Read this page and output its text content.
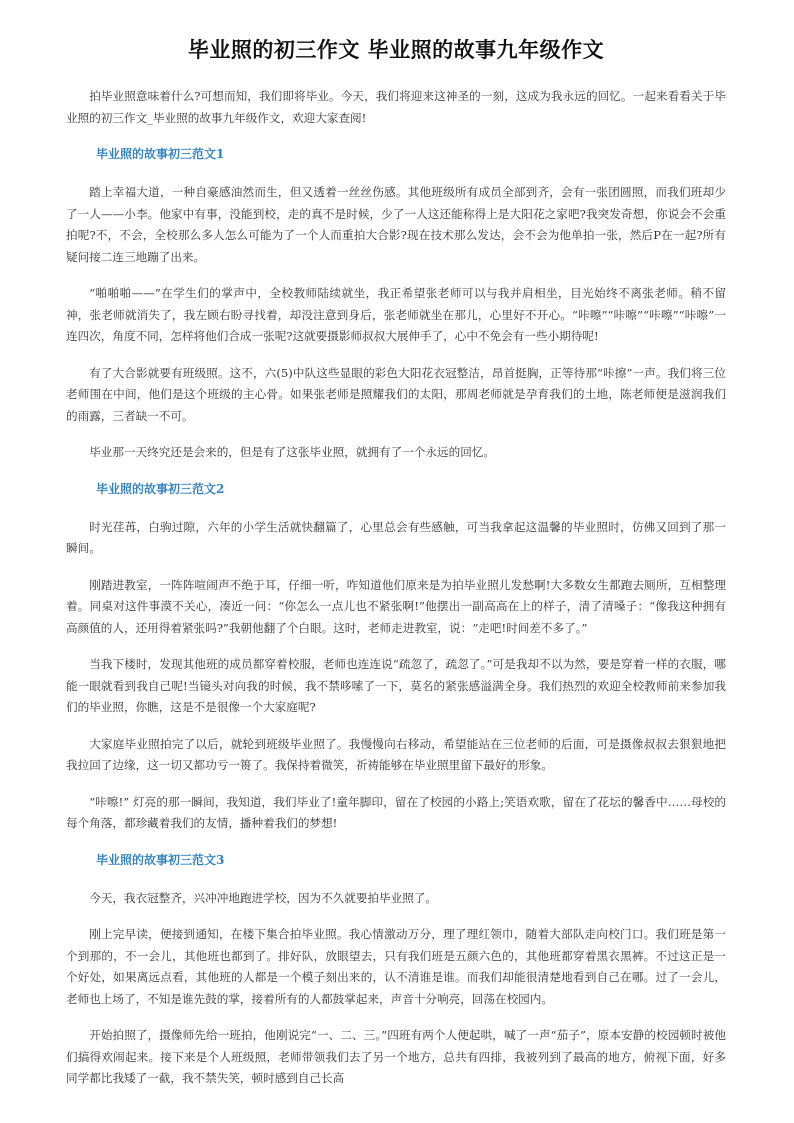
毕业照的初三作文 毕业照的故事九年级作文

拍毕业照意味着什么?可想而知，我们即将毕业。今天，我们将迎来这神圣的一刻，这成为我永远的回忆。一起来看看关于毕业照的初三作文_毕业照的故事九年级作文，欢迎大家查阅!

毕业照的故事初三范文1

踏上幸福大道，一种自豪感油然而生，但又透着一丝丝伤感。其他班级所有成员全部到齐，会有一张团圆照，而我们班却少了一人——小李。他家中有事，没能到校，走的真不是时候，少了一人这还能称得上是大阳花之家吧?我突发奇想，你说会不会重拍呢?不，不会，全校那么多人怎么可能为了一个人而重拍大合影?现在技术那么发达，会不会为他单拍一张，然后P在一起?所有疑问接二连三地蹦了出来。

“啪啪啪——”在学生们的掌声中，全校教师陆续就坐，我正希望张老师可以与我并肩相坐，目光始终不离张老师。稍不留神，张老师就消失了，我左顾右盼寻找着，却没注意到身后，张老师就坐在那儿，心里好不开心。“咔嚓”“咔嚓”“咔嚓”“咔嚓”一连四次，角度不同，怎样将他们合成一张呢?这就要摄影师叔叔大展伸手了，心中不免会有一些小期待呢!

有了大合影就要有班级照。这不，六(5)中队这些显眼的彩色大阳花衣冠整洁，昂首挺胸，正等待那“咔擦”一声。我们将三位老师围在中间，他们是这个班级的主心骨。如果张老师是照耀我们的太阳，那周老师就是孕育我们的土地，陈老师便是滋润我们的雨露，三者缺一不可。

毕业那一天终究还是会来的，但是有了这张毕业照，就拥有了一个永远的回忆。

毕业照的故事初三范文2

时光荏苒，白驹过隙，六年的小学生活就快翻篇了，心里总会有些感触，可当我拿起这温馨的毕业照时，仿佛又回到了那一瞬间。

刚踏进教室，一阵阵喧闹声不绝于耳，仔细一听，咋知道他们原来是为拍毕业照儿发愁啊!大多数女生都跑去厕所，互相整理着。同桌对这件事漠不关心，凑近一问：“你怎么一点儿也不紧张啊!”他摆出一副高高在上的样子，清了清嗓子：“像我这种拥有高颜值的人，还用得着紧张吗?”我朝他翻了个白眼。这时，老师走进教室，说：“走吧!时间差不多了。”

当我下楼时，发现其他班的成员都穿着校服，老师也连连说“疏忽了，疏忽了。”可是我却不以为然，要是穿着一样的衣服，哪能一眼就看到我自己呢!当镜头对向我的时候，我不禁哆嗦了一下，莫名的紧张感溢满全身。我们热烈的欢迎全校教师前来参加我们的毕业照，你瞧，这是不是很像一个大家庭呢?

大家庭毕业照拍完了以后，就轮到班级毕业照了。我慢慢向右移动，希望能站在三位老师的后面，可是摄像叔叔去狠狠地把我拉回了边缘，这一切又都功亏一篑了。我保持着微笑，祈祷能够在毕业照里留下最好的形象。

“咔嚓!” 灯亮的那一瞬间，我知道，我们毕业了!童年脚印，留在了校园的小路上;笑语欢歌，留在了花坛的馨香中……母校的每个角落，都珍藏着我们的友情，播种着我们的梦想!

毕业照的故事初三范文3

今天，我衣冠整齐，兴冲冲地跑进学校，因为不久就要拍毕业照了。

刚上完早读，便接到通知，在楼下集合拍毕业照。我心情激动万分，理了理红领巾，随着大部队走向校门口。我们班是第一个到那的，不一会儿，其他班也都到了。排好队，放眼望去，只有我们班是五颜六色的，其他班都穿着黑衣黑裤。不过这正是一个好处，如果离远点看，其他班的人都是一个模子刻出来的，认不清谁是谁。而我们却能很清楚地看到自己在哪。过了一会儿，老师也上场了，不知是谁先鼓的掌，接着所有的人都鼓掌起来，声音十分响亮，回荡在校园内。

开始拍照了，摄像师先给一班拍，他刚说完“一、二、三。”四班有两个人便起哄，喊了一声“茄子”，原本安静的校园顿时被他们搞得欢闹起来。接下来是个人班级照，老师带领我们去了另一个地方，总共有四排，我被列到了最高的地方，俯视下面，好多同学都比我矮了一截，我不禁失笑，顿时感到自己长高
